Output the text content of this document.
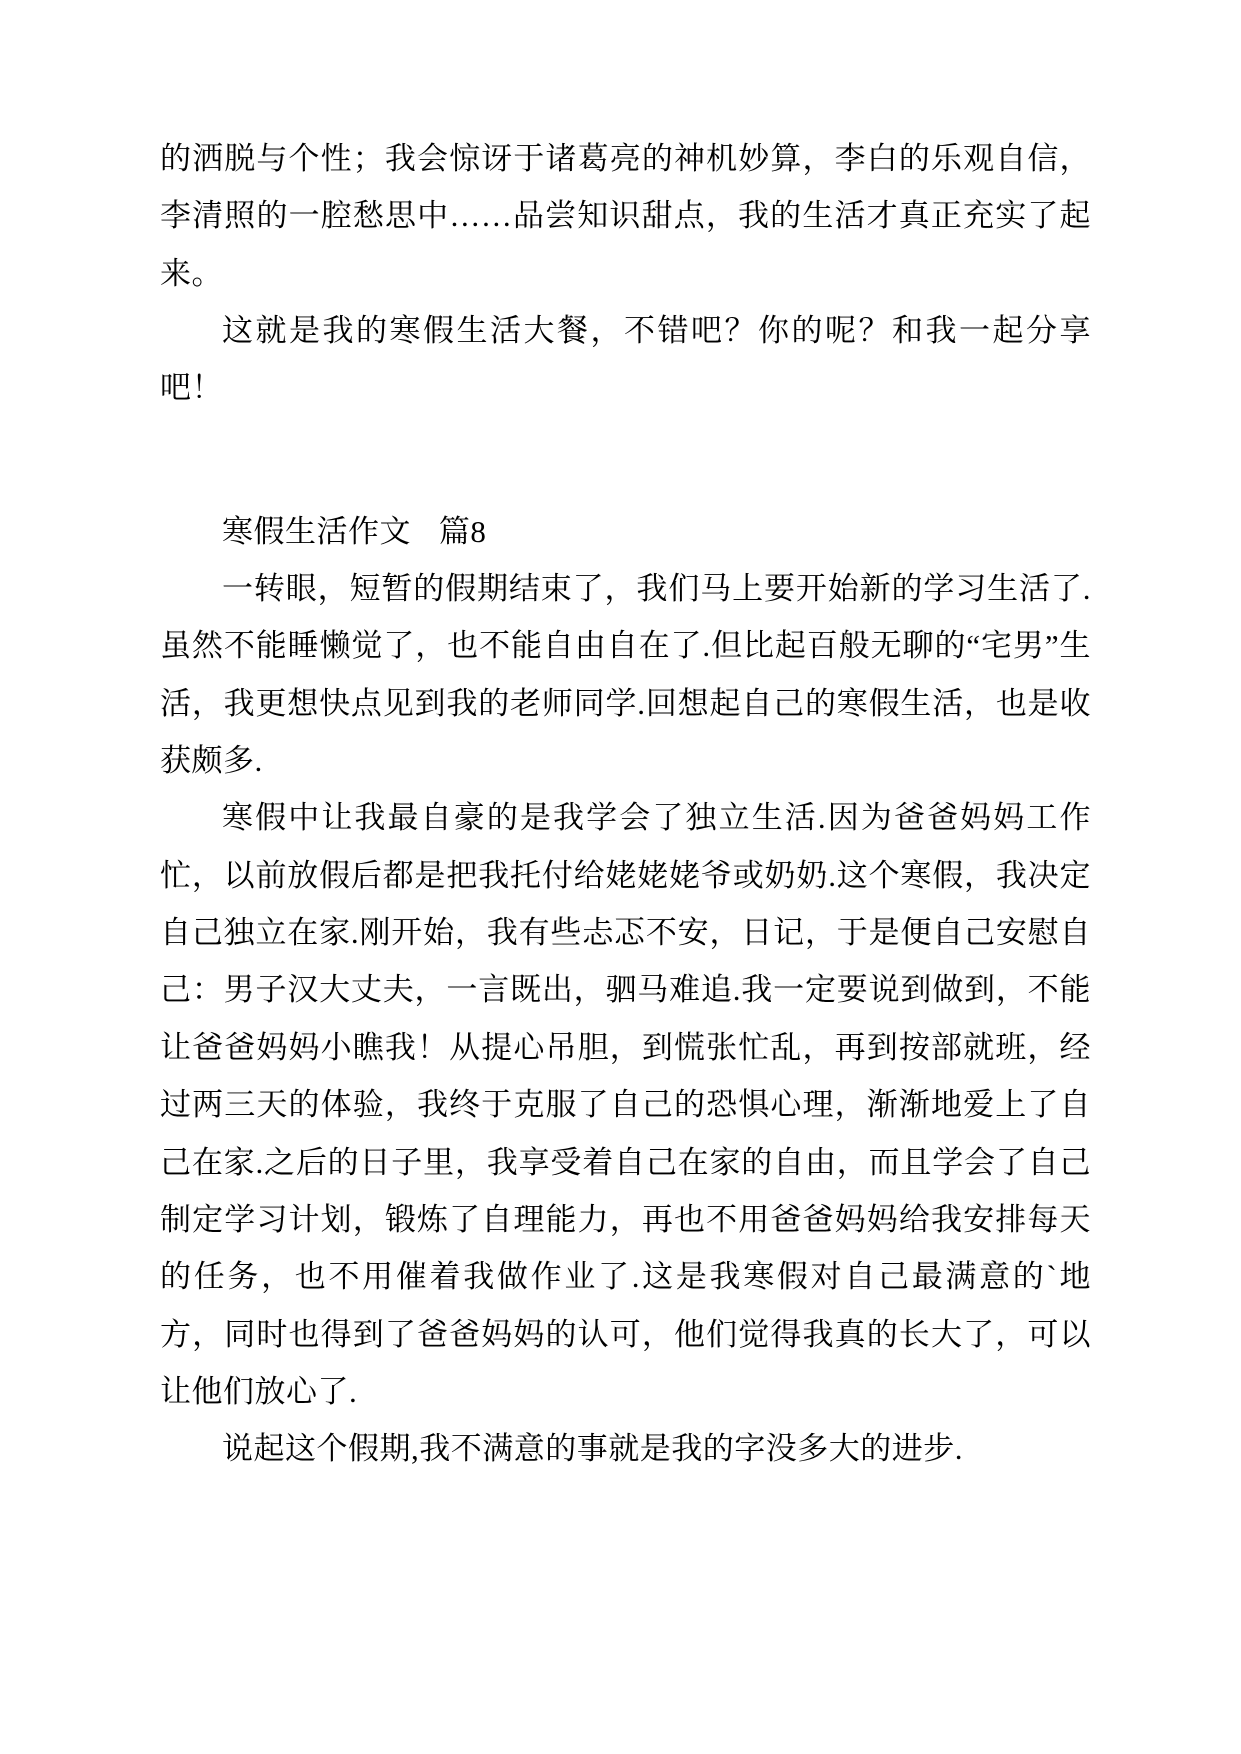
的洒脱与个性；我会惊讶于诸葛亮的神机妙算，李白的乐观自信，李清照的一腔愁思中……品尝知识甜点，我的生活才真正充实了起来。

这就是我的寒假生活大餐，不错吧？你的呢？和我一起分享吧！

寒假生活作文 篇8

一转眼，短暂的假期结束了，我们马上要开始新的学习生活了.虽然不能睡懒觉了，也不能自由自在了.但比起百般无聊的“宅男”生活，我更想快点见到我的老师同学.回想起自己的寒假生活，也是收获颇多.

寒假中让我最自豪的是我学会了独立生活.因为爸爸妈妈工作忙，以前放假后都是把我托付给姥姥姥爷或奶奶.这个寒假，我决定自己独立在家.刚开始，我有些忐忑不安，日记，于是便自己安慰自己：男子汉大丈夫，一言既出，驷马难追.我一定要说到做到，不能让爸爸妈妈小瞧我！从提心吊胆，到慌张忙乱，再到按部就班，经过两三天的体验，我终于克服了自己的恐惧心理，渐渐地爱上了自己在家.之后的日子里，我享受着自己在家的自由，而且学会了自己制定学习计划，锻炼了自理能力，再也不用爸爸妈妈给我安排每天的任务，也不用催着我做作业了.这是我寒假对自己最满意的`地方，同时也得到了爸爸妈妈的认可，他们觉得我真的长大了，可以让他们放心了.

说起这个假期,我不满意的事就是我的字没多大的进步.
